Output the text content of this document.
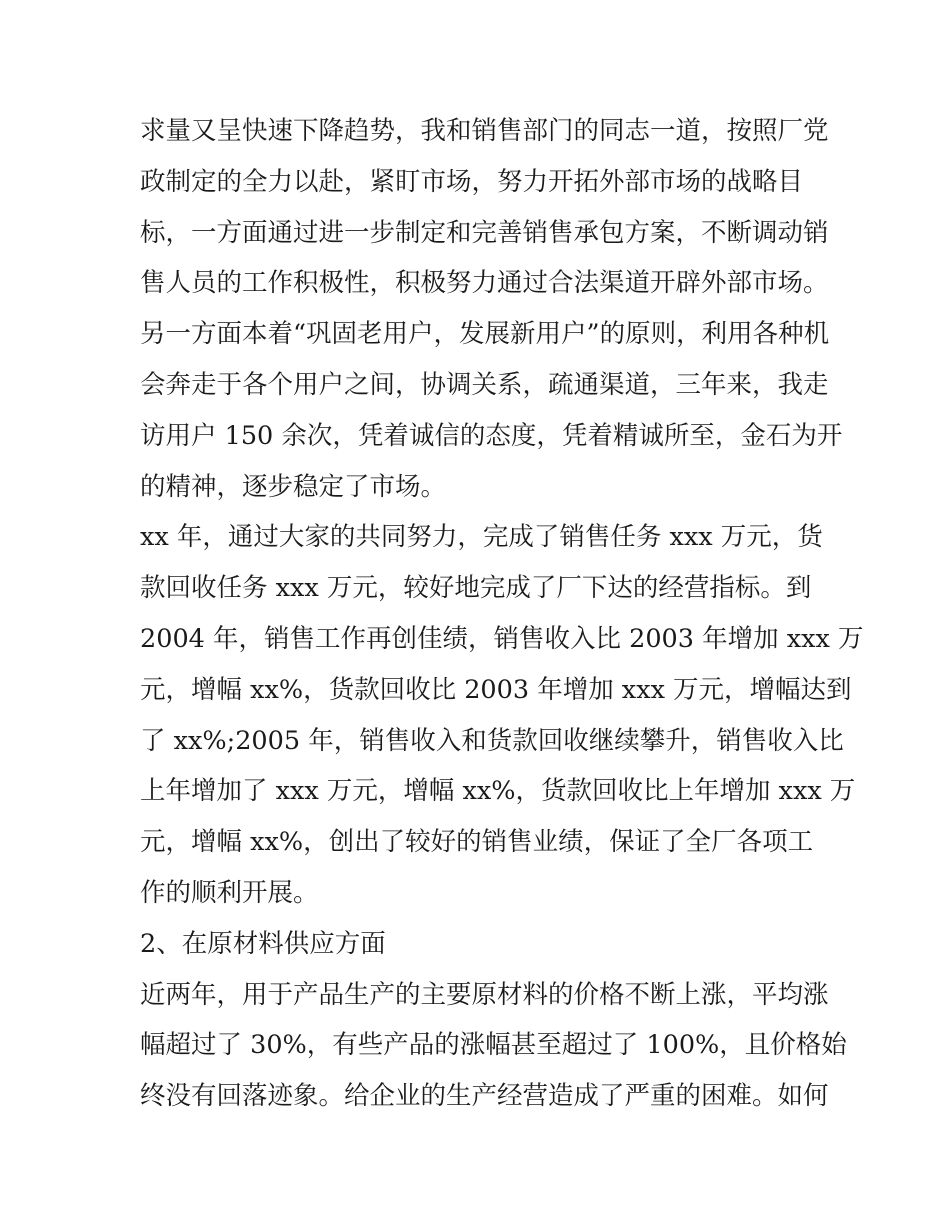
求量又呈快速下降趋势，我和销售部门的同志一道，按照厂党
政制定的全力以赴，紧盯市场，努力开拓外部市场的战略目
标，一方面通过进一步制定和完善销售承包方案，不断调动销
售人员的工作积极性，积极努力通过合法渠道开辟外部市场。
另一方面本着“巩固老用户，发展新用户”的原则，利用各种机
会奔走于各个用户之间，协调关系，疏通渠道，三年来，我走
访用户 150 余次，凭着诚信的态度，凭着精诚所至，金石为开
的精神，逐步稳定了市场。
xx 年，通过大家的共同努力，完成了销售任务 xxx 万元，货
款回收任务 xxx 万元，较好地完成了厂下达的经营指标。到
2004 年，销售工作再创佳绩，销售收入比 2003 年增加 xxx 万
元，增幅 xx%，货款回收比 2003 年增加 xxx 万元，增幅达到
了 xx%;2005 年，销售收入和货款回收继续攀升，销售收入比
上年增加了 xxx 万元，增幅 xx%，货款回收比上年增加 xxx 万
元，增幅 xx%，创出了较好的销售业绩，保证了全厂各项工
作的顺利开展。
2、在原材料供应方面
近两年，用于产品生产的主要原材料的价格不断上涨，平均涨
幅超过了 30%，有些产品的涨幅甚至超过了 100%，且价格始
终没有回落迹象。给企业的生产经营造成了严重的困难。如何
